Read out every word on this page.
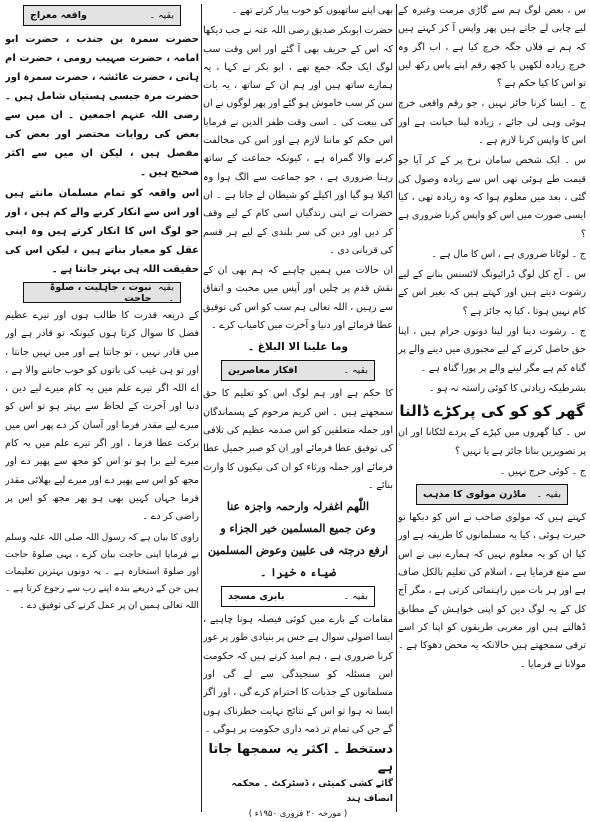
س ، بعض لوگ ہم سے گاڑی مرمت وغیرہ کے لیے چابی لے جاتے ہیں پھر واپس آ کر کہتے ہیں کہ ہم نے فلاں جگہ خرچ کیا ہے ، اب اگر وہ خرچ زیادہ لکھیں یا کچھ رقم اپنے پاس رکھ لیں تو اس کا کیا حکم ہے ؟

ج ۔ ایسا کرنا جائز نہیں ، جو رقم واقعی خرچ ہوئی وہی لی جائے ، زیادہ لینا خیانت ہے اور اس کا واپس کرنا لازم ہے ۔

س ۔ ایک شخص سامان نرخ پر کے کر آیا جو قیمت طے ہوئی تھی اس سے زیادہ وصول کی گئی ، بعد میں معلوم ہوا کہ وہ زیادہ تھی ، کیا ایسی صورت میں اس کو واپس کرنا ضروری ہے ؟

ج ۔ لوٹانا ضروری ہے ، اس کا مال ہے ۔

س ۔ آج کل لوگ ڈرائیونگ لائسنس بنانے کے لیے رشوت دیتے ہیں اور کہتے ہیں کہ بغیر اس کے کام نہیں ہوتا ، کیا یہ جائز ہے ؟

ج ۔ رشوت دینا اور لینا دونوں حرام ہیں ، اپنا حق حاصل کرنے کے لیے مجبوری میں دینے والے پر گناہ کم ہے مگر لینے والے پر پورا گناہ ہے ۔

بشرطیکہ زیادتی کا کوئی راستہ نہ ہو ۔

گھر کو کو کی پرکڑے ڈالنا

س ۔ کیا گھروں میں کپڑے کے پردے لٹکانا اور ان پر تصویریں بنانا جائز ہے یا نہیں ؟

ج ۔ کوئی حرج نہیں ۔

بقیہ ۔
ماڈرن مولوی کا مذہب

کہتے ہیں کہ مولوی صاحب نے اس کو دیکھا تو حیرت ہوئی ، کیا یہ مسلمانوں کا طریقہ ہے اور کیا ان کو یہ معلوم نہیں کہ ہمارے نبی نے اس سے منع فرمایا ہے ، اسلام کی تعلیم بالکل صاف ہے اور ہر بات میں راہنمائی کرتی ہے ، مگر آج کل کے یہ لوگ دین کو اپنی خواہش کے مطابق ڈھالتے ہیں اور مغربی طریقوں کو اپنا کر اسے ترقی سمجھتے ہیں حالانکہ یہ محض دھوکا ہے ۔ مولانا نے فرمایا ۔

بھی اپنے ساتھیوں کو خوب پیار کرتے تھے ۔

حضرت ابوبکر صدیق رضی اللہ عنہ نے جب دیکھا کہ اس کے حریف بھی آ گئے اور اس وقت سب لوگ ایک جگہ جمع تھے ، ابو بکر نے کہا ، یہ ہمارے ساتھ ہیں اور ہم ان کے ساتھ ، یہ بات سن کر سب خاموش ہو گئے اور پھر لوگوں نے ان کی بیعت کی ۔ اسی وقت ظفر الدین نے فرمایا اس حکم کو ماننا لازم ہے اور اس کی مخالفت کرنے والا گمراہ ہے ، کیونکہ جماعت کے ساتھ رہنا ضروری ہے ، جو جماعت سے الگ ہوا وہ اکیلا ہو گیا اور اکیلے کو شیطان لے جاتا ہے ۔ ان حضرات نے اپنی زندگیاں اسی کام کے لیے وقف کر دیں اور دین کی سر بلندی کے لیے ہر قسم کی قربانی دی ۔

ان حالات میں ہمیں چاہیے کہ ہم بھی ان کے نقش قدم پر چلیں اور آپس میں محبت و اتفاق سے رہیں ، اللہ تعالی ہم سب کو اس کی توفیق عطا فرمائے اور دنیا و آخرت میں کامیاب کرے ۔

وما علینا الا البلاغ ۔
بقیہ ۔
افکار معاصرین

کا حکم ہے اور ہم لوگ اس کو تعلیم کا حق سمجھتے ہیں ۔ اس کریم مرحوم کے پسماندگان اور جملہ متعلقین کو اس صدمہ عظیم کی تلافی کی توفیق عطا فرمائے اور ان کو صبر جمیل عطا فرمائے اور جملہ ورثاء کو ان کی نیکیوں کا وارث بنائے ۔

اللّٰھم اغفرلہ وارحمہ واجزہ عنا
وعن جمیع المسلمین خیر الجزاء و
ارفع درجتہ فی علیین وعوض المسلمین
ضیاء ہ خیرا ۔
بقیہ ۔
بابری مسجد

مقامات کے بارے میں کوئی فیصلہ ہونا چاہیے ، ایسا اصولی سوال ہے جس پر بنیادی طور پر غور کرنا ضروری ہے ، ہم امید کرتے ہیں کہ حکومت اس مسئلہ کو سنجیدگی سے لے گی اور مسلمانوں کے جذبات کا احترام کرے گی ، اور اگر ایسا نہ ہوا تو اس کے نتائج نہایت خطرناک ہوں گے جن کی تمام تر ذمہ داری حکومت پر ہوگی ۔

دستخط ۔ اکثر یہ سمجھا جاتا ہے

گائے کشی کمیٹی ، ڈسٹرکٹ ۔ محکمہ انصاف ہند

( مورخہ ۲۰ فروری ۱۹۵۰ء )

بقیہ ۔
واقعہ معراج

حضرت سمرہ بن جندب ، حضرت ابو امامہ ، حضرت صہیب رومی ، حضرت ام ہانی ، حضرت عائشہ ، حضرت سمرہ اور حضرت مرہ جیسی ہستیاں شامل ہیں ۔ رضی اللہ عنہم اجمعین ۔ ان میں سے بعض کی روایات مختصر اور بعض کی مفصل ہیں ، لیکن ان میں سے اکثر صحیح ہیں ۔

اس واقعہ کو تمام مسلمان مانتے ہیں اور اس سے انکار کرنے والے کم ہیں ، اور جو لوگ اس کا انکار کرتے ہیں وہ اپنی عقل کو معیار بناتے ہیں ، لیکن اس کی حقیقت اللہ ہی بہتر جانتا ہے ۔

بقیہ ۔
نبوت ، جاہلیت ، صلوۃ حاجت

کے ذریعہ قدرت کا طالب ہوں اور تیرے عظیم فضل کا سوال کرتا ہوں کیونکہ تو قادر ہے اور میں قادر نہیں ، تو جانتا ہے اور میں نہیں جانتا ، اور تو ہی غیب کی باتوں کو خوب جاننے والا ہے ، اے اللہ اگر تیرے علم میں یہ کام میرے لیے دین ، دنیا اور آخرت کے لحاظ سے بہتر ہو تو اس کو میرے لیے مقدر فرما اور آسان کر دے پھر اس میں برکت عطا فرما ، اور اگر تیرے علم میں یہ کام میرے لیے برا ہو تو اس کو مجھ سے پھیر دے اور مجھ کو اس سے پھیر دے اور میرے لیے بھلائی مقدر فرما جہاں کہیں بھی ہو پھر مجھ کو اس پر راضی کر دے ۔

راوی کا بیان ہے کہ رسول اللہ صلی اللہ علیہ وسلم نے فرمایا اپنی حاجت بیان کرے ، یہی صلوۃ حاجت اور صلوۃ استخارہ ہے ۔ یہ دونوں بہترین تعلیمات ہیں جن کے ذریعے بندہ اپنے رب سے رجوع کرتا ہے ۔ اللہ تعالی ہمیں ان پر عمل کرنے کی توفیق دے ۔
